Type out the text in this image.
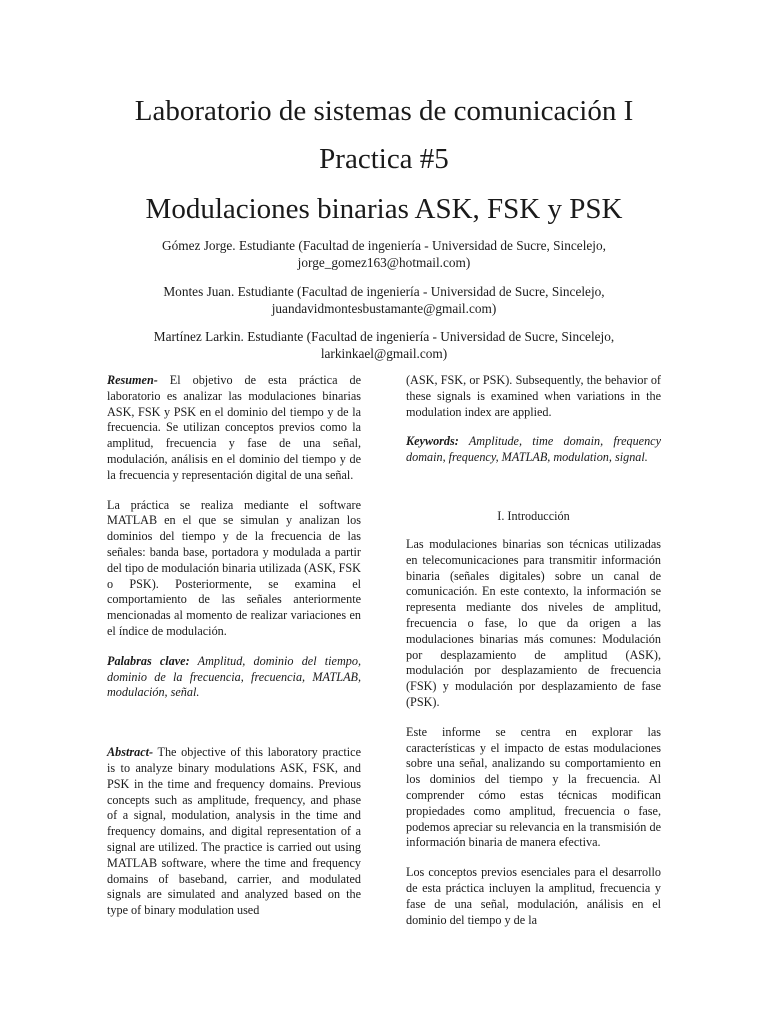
Laboratorio de sistemas de comunicación I
Practica #5
Modulaciones binarias ASK, FSK y PSK
Gómez Jorge. Estudiante (Facultad de ingeniería - Universidad de Sucre, Sincelejo,
jorge_gomez163@hotmail.com)
Montes Juan. Estudiante (Facultad de ingeniería - Universidad de Sucre, Sincelejo,
juandavidmontesbustamante@gmail.com)
Martínez Larkin. Estudiante (Facultad de ingeniería - Universidad de Sucre, Sincelejo,
larkinkael@gmail.com)

Resumen- El objetivo de esta práctica de laboratorio es analizar las modulaciones binarias ASK, FSK y PSK en el dominio del tiempo y de la frecuencia. Se utilizan conceptos previos como la amplitud, frecuencia y fase de una señal, modulación, análisis en el dominio del tiempo y de la frecuencia y representación digital de una señal.

La práctica se realiza mediante el software MATLAB en el que se simulan y analizan los dominios del tiempo y de la frecuencia de las señales: banda base, portadora y modulada a partir del tipo de modulación binaria utilizada (ASK, FSK o PSK). Posteriormente, se examina el comportamiento de las señales anteriormente mencionadas al momento de realizar variaciones en el índice de modulación.

Palabras clave: Amplitud, dominio del tiempo, dominio de la frecuencia, frecuencia, MATLAB, modulación, señal.

Abstract- The objective of this laboratory practice is to analyze binary modulations ASK, FSK, and PSK in the time and frequency domains. Previous concepts such as amplitude, frequency, and phase of a signal, modulation, analysis in the time and frequency domains, and digital representation of a signal are utilized. The practice is carried out using MATLAB software, where the time and frequency domains of baseband, carrier, and modulated signals are simulated and analyzed based on the type of binary modulation used

(ASK, FSK, or PSK). Subsequently, the behavior of these signals is examined when variations in the modulation index are applied.

Keywords: Amplitude, time domain, frequency domain, frequency, MATLAB, modulation, signal.

I. Introducción

Las modulaciones binarias son técnicas utilizadas en telecomunicaciones para transmitir información binaria (señales digitales) sobre un canal de comunicación. En este contexto, la información se representa mediante dos niveles de amplitud, frecuencia o fase, lo que da origen a las modulaciones binarias más comunes: Modulación por desplazamiento de amplitud (ASK), modulación por desplazamiento de frecuencia (FSK) y modulación por desplazamiento de fase (PSK).

Este informe se centra en explorar las características y el impacto de estas modulaciones sobre una señal, analizando su comportamiento en los dominios del tiempo y la frecuencia. Al comprender cómo estas técnicas modifican propiedades como amplitud, frecuencia o fase, podemos apreciar su relevancia en la transmisión de información binaria de manera efectiva.

Los conceptos previos esenciales para el desarrollo de esta práctica incluyen la amplitud, frecuencia y fase de una señal, modulación, análisis en el dominio del tiempo y de la
